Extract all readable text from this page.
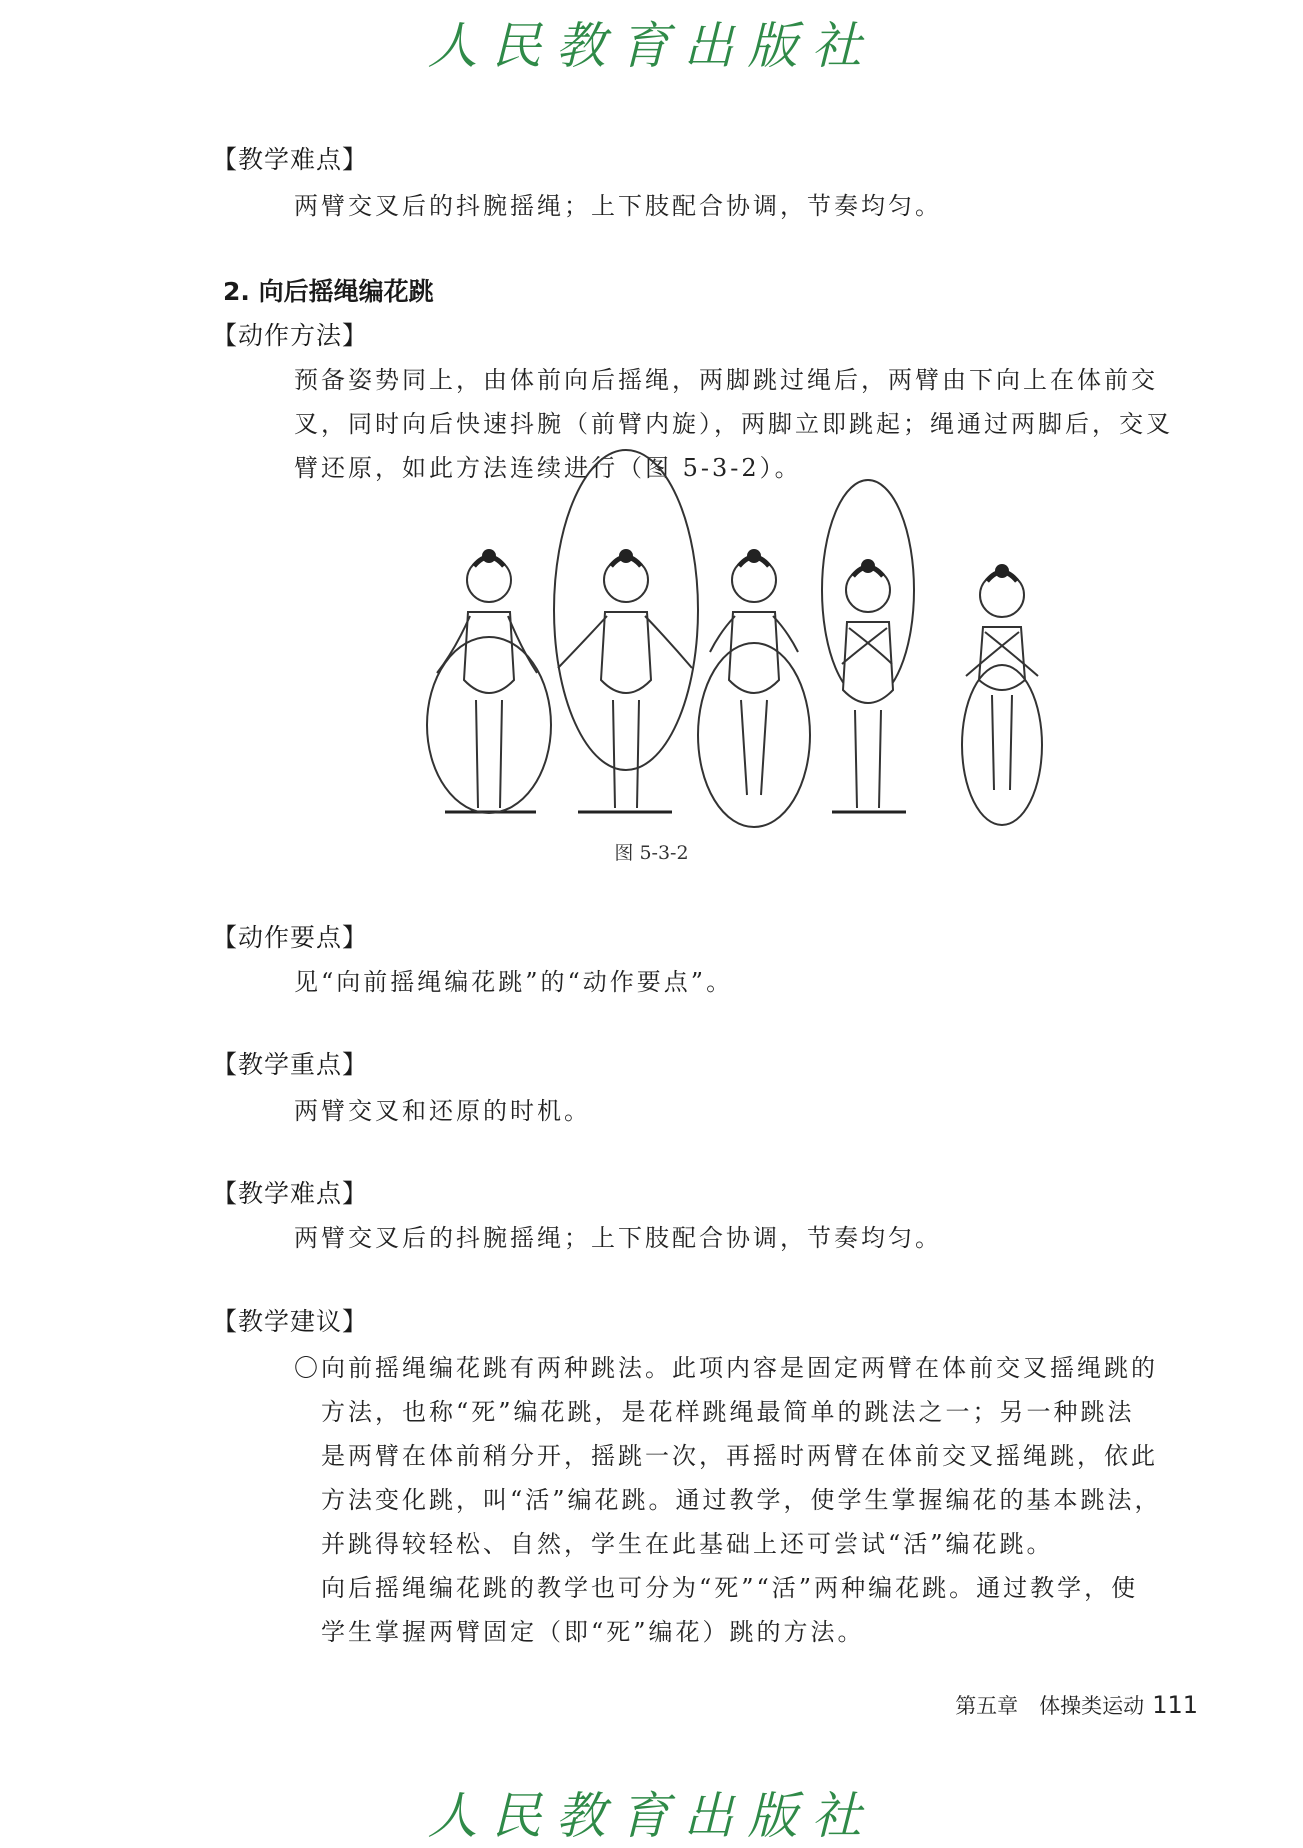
人民教育出版社
【教学难点】
两臂交叉后的抖腕摇绳；上下肢配合协调，节奏均匀。
2. 向后摇绳编花跳
【动作方法】
预备姿势同上，由体前向后摇绳，两脚跳过绳后，两臂由下向上在体前交
叉，同时向后快速抖腕（前臂内旋），两脚立即跳起；绳通过两脚后，交叉
臂还原，如此方法连续进行（图 5-3-2）。
图 5-3-2
【动作要点】
见“向前摇绳编花跳”的“动作要点”。
【教学重点】
两臂交叉和还原的时机。
【教学难点】
两臂交叉后的抖腕摇绳；上下肢配合协调，节奏均匀。
【教学建议】
〇向前摇绳编花跳有两种跳法。此项内容是固定两臂在体前交叉摇绳跳的
方法，也称“死”编花跳，是花样跳绳最简单的跳法之一；另一种跳法
是两臂在体前稍分开，摇跳一次，再摇时两臂在体前交叉摇绳跳，依此
方法变化跳，叫“活”编花跳。通过教学，使学生掌握编花的基本跳法，
并跳得较轻松、自然，学生在此基础上还可尝试“活”编花跳。
向后摇绳编花跳的教学也可分为“死”“活”两种编花跳。通过教学，使
学生掌握两臂固定（即“死”编花）跳的方法。
第五章　体操类运动 111
人民教育出版社
